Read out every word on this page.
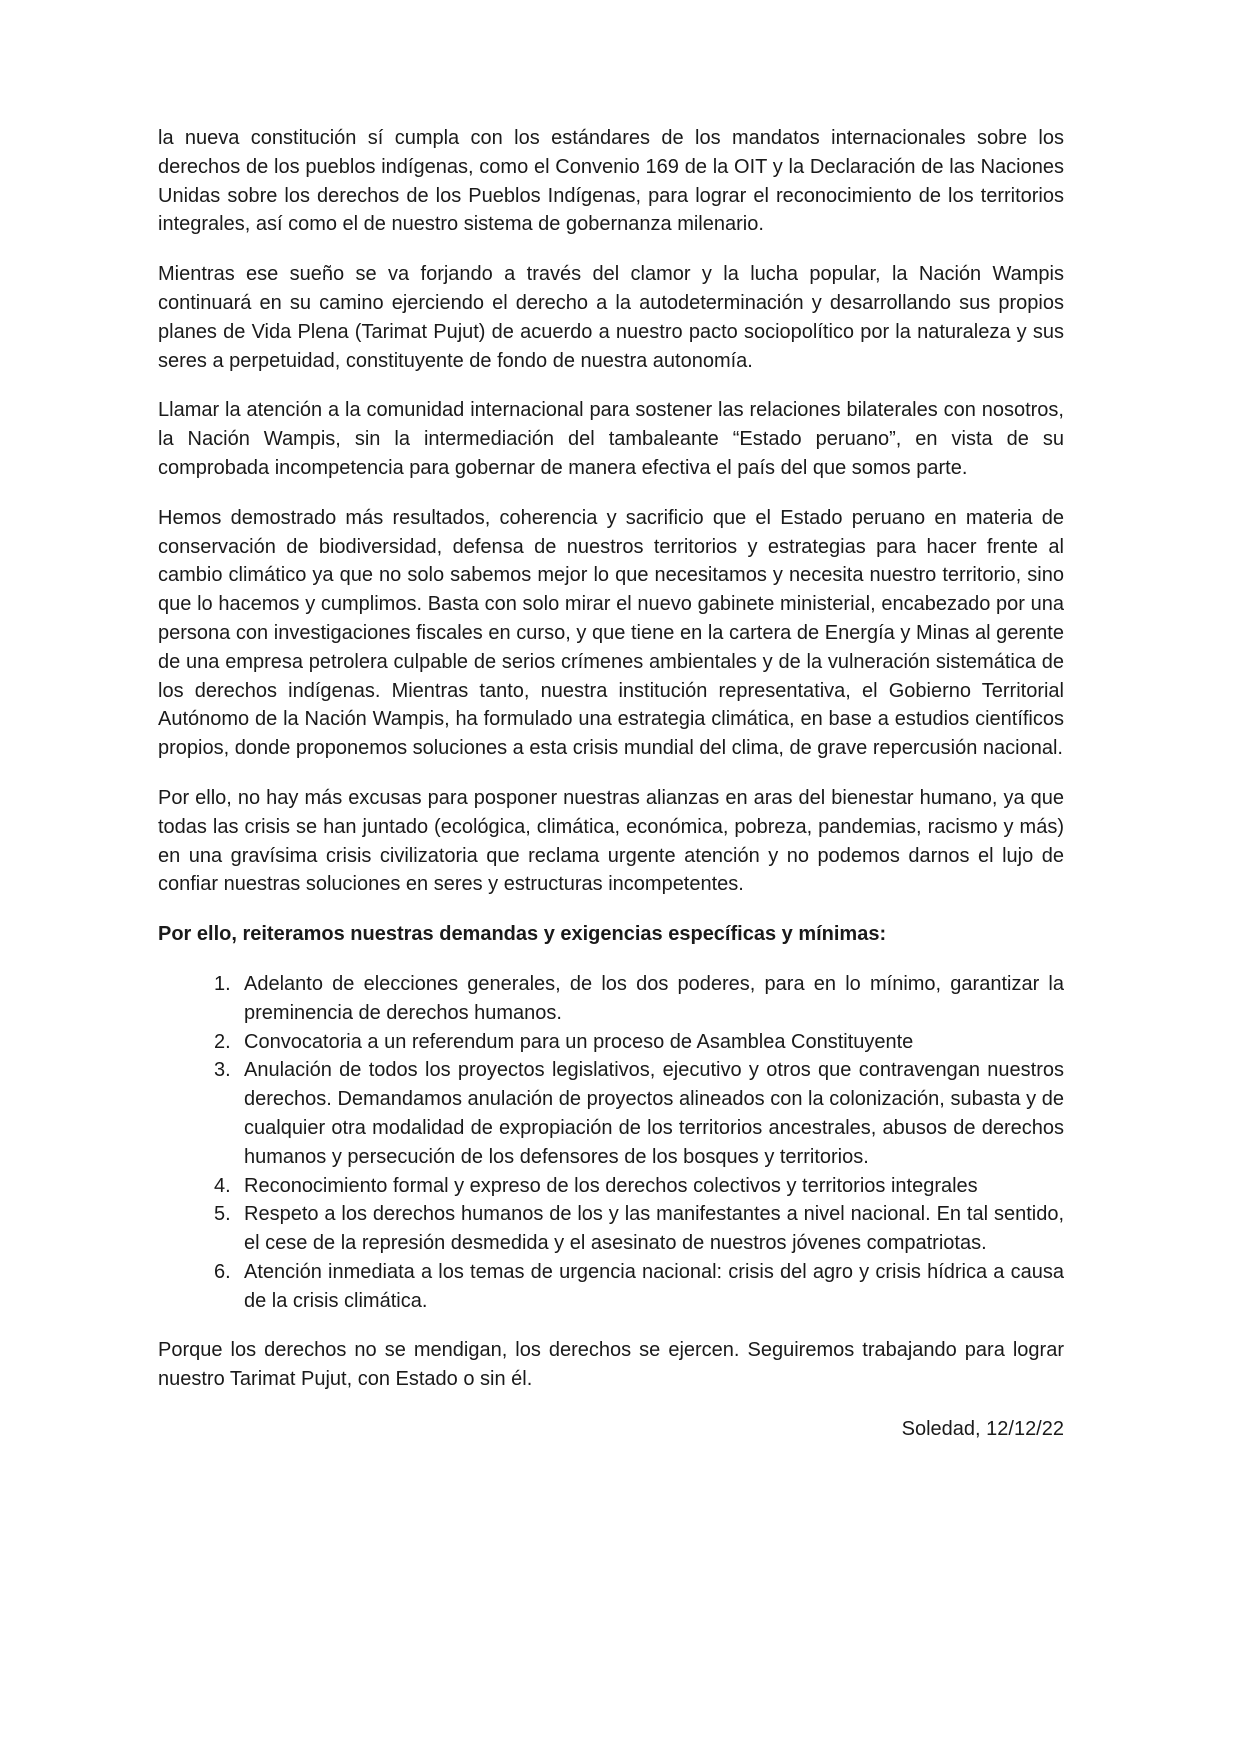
la nueva constitución sí cumpla con los estándares de los mandatos internacionales sobre los derechos de los pueblos indígenas, como el Convenio 169 de la OIT y la Declaración de las Naciones Unidas sobre los derechos de los Pueblos Indígenas, para lograr el reconocimiento de los territorios integrales, así como el de nuestro sistema de gobernanza milenario.

Mientras ese sueño se va forjando a través del clamor y la lucha popular, la Nación Wampis continuará en su camino ejerciendo el derecho a la autodeterminación y desarrollando sus propios planes de Vida Plena (Tarimat Pujut) de acuerdo a nuestro pacto sociopolítico por la naturaleza y sus seres a perpetuidad, constituyente de fondo de nuestra autonomía.

Llamar la atención a la comunidad internacional para sostener las relaciones bilaterales con nosotros, la Nación Wampis, sin la intermediación del tambaleante “Estado peruano”, en vista de su comprobada incompetencia para gobernar de manera efectiva el país del que somos parte.

Hemos demostrado más resultados, coherencia y sacrificio que el Estado peruano en materia de conservación de biodiversidad, defensa de nuestros territorios y estrategias para hacer frente al cambio climático ya que no solo sabemos mejor lo que necesitamos y necesita nuestro territorio, sino que lo hacemos y cumplimos. Basta con solo mirar el nuevo gabinete ministerial, encabezado por una persona con investigaciones fiscales en curso, y que tiene en la cartera de Energía y Minas al gerente de una empresa petrolera culpable de serios crímenes ambientales y de la vulneración sistemática de los derechos indígenas. Mientras tanto, nuestra institución representativa, el Gobierno Territorial Autónomo de la Nación Wampis, ha formulado una estrategia climática, en base a estudios científicos propios, donde proponemos soluciones a esta crisis mundial del clima, de grave repercusión nacional.

Por ello, no hay más excusas para posponer nuestras alianzas en aras del bienestar humano, ya que todas las crisis se han juntado (ecológica, climática, económica, pobreza, pandemias, racismo y más) en una gravísima crisis civilizatoria que reclama urgente atención y no podemos darnos el lujo de confiar nuestras soluciones en seres y estructuras incompetentes.

Por ello, reiteramos nuestras demandas y exigencias específicas y mínimas:

1. Adelanto de elecciones generales, de los dos poderes, para en lo mínimo, garantizar la preminencia de derechos humanos.
2. Convocatoria a un referendum para un proceso de Asamblea Constituyente
3. Anulación de todos los proyectos legislativos, ejecutivo y otros que contravengan nuestros derechos. Demandamos anulación de proyectos alineados con la colonización, subasta y de cualquier otra modalidad de expropiación de los territorios ancestrales, abusos de derechos humanos y persecución de los defensores de los bosques y territorios.
4. Reconocimiento formal y expreso de los derechos colectivos y territorios integrales
5. Respeto a los derechos humanos de los y las manifestantes a nivel nacional. En tal sentido, el cese de la represión desmedida y el asesinato de nuestros jóvenes compatriotas.
6. Atención inmediata a los temas de urgencia nacional: crisis del agro y crisis hídrica a causa de la crisis climática.

Porque los derechos no se mendigan, los derechos se ejercen. Seguiremos trabajando para lograr nuestro Tarimat Pujut, con Estado o sin él.

Soledad, 12/12/22
